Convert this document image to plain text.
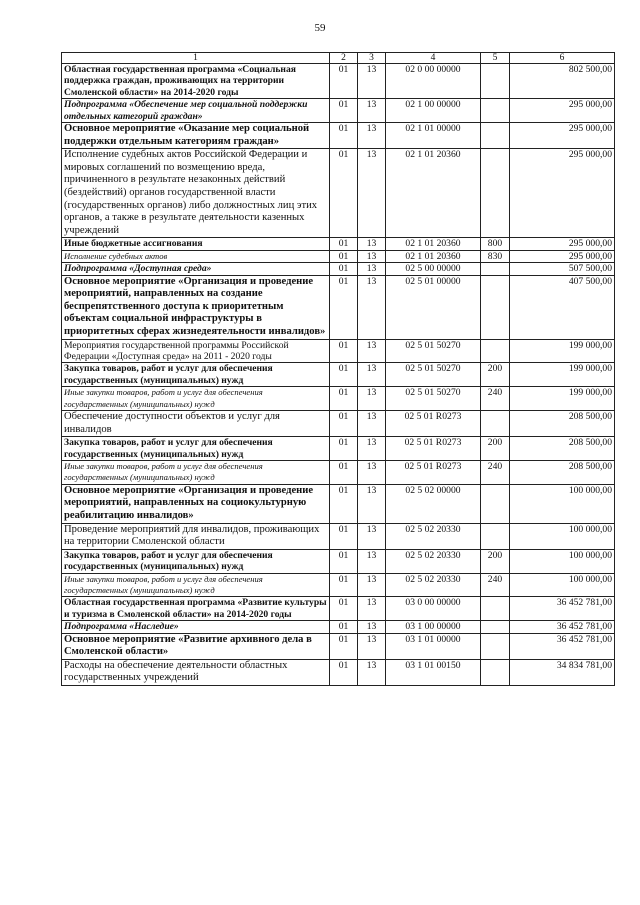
59
1	2	3	4	5	6
Областная государственная программа «Социальная поддержка граждан, проживающих на территории Смоленской области» на 2014-2020 годы	01	13	02 0 00 00000		802 500,00
Подпрограмма «Обеспечение мер социальной поддержки отдельных категорий граждан»	01	13	02 1 00 00000		295 000,00
Основное мероприятие «Оказание мер социальной поддержки отдельным категориям граждан»	01	13	02 1 01 00000		295 000,00
Исполнение судебных актов Российской Федерации и мировых соглашений по возмещению вреда, причиненного в результате незаконных действий (бездействий) органов государственной власти (государственных органов) либо должностных лиц этих органов, а также в результате деятельности казенных учреждений	01	13	02 1 01 20360		295 000,00
Иные бюджетные ассигнования	01	13	02 1 01 20360	800	295 000,00
Исполнение судебных актов	01	13	02 1 01 20360	830	295 000,00
Подпрограмма «Доступная среда»	01	13	02 5 00 00000		507 500,00
Основное мероприятие «Организация и проведение мероприятий, направленных на создание беспрепятственного доступа к приоритетным объектам социальной инфраструктуры в приоритетных сферах жизнедеятельности инвалидов»	01	13	02 5 01 00000		407 500,00
Мероприятия государственной программы Российской Федерации «Доступная среда» на 2011 - 2020 годы	01	13	02 5 01 50270		199 000,00
Закупка товаров, работ и услуг для обеспечения государственных (муниципальных) нужд	01	13	02 5 01 50270	200	199 000,00
Иные закупки товаров, работ и услуг для обеспечения государственных (муниципальных) нужд	01	13	02 5 01 50270	240	199 000,00
Обеспечение доступности объектов и услуг для инвалидов	01	13	02 5 01 R0273		208 500,00
Закупка товаров, работ и услуг для обеспечения государственных (муниципальных) нужд	01	13	02 5 01 R0273	200	208 500,00
Иные закупки товаров, работ и услуг для обеспечения государственных (муниципальных) нужд	01	13	02 5 01 R0273	240	208 500,00
Основное мероприятие «Организация и проведение мероприятий, направленных на социокультурную реабилитацию инвалидов»	01	13	02 5 02 00000		100 000,00
Проведение мероприятий для инвалидов, проживающих на территории Смоленской области	01	13	02 5 02 20330		100 000,00
Закупка товаров, работ и услуг для обеспечения государственных (муниципальных) нужд	01	13	02 5 02 20330	200	100 000,00
Иные закупки товаров, работ и услуг для обеспечения государственных (муниципальных) нужд	01	13	02 5 02 20330	240	100 000,00
Областная государственная программа «Развитие культуры и туризма в Смоленской области» на 2014-2020 годы	01	13	03 0 00 00000		36 452 781,00
Подпрограмма «Наследие»	01	13	03 1 00 00000		36 452 781,00
Основное мероприятие «Развитие архивного дела в Смоленской области»	01	13	03 1 01 00000		36 452 781,00
Расходы на обеспечение деятельности областных государственных учреждений	01	13	03 1 01 00150		34 834 781,00
